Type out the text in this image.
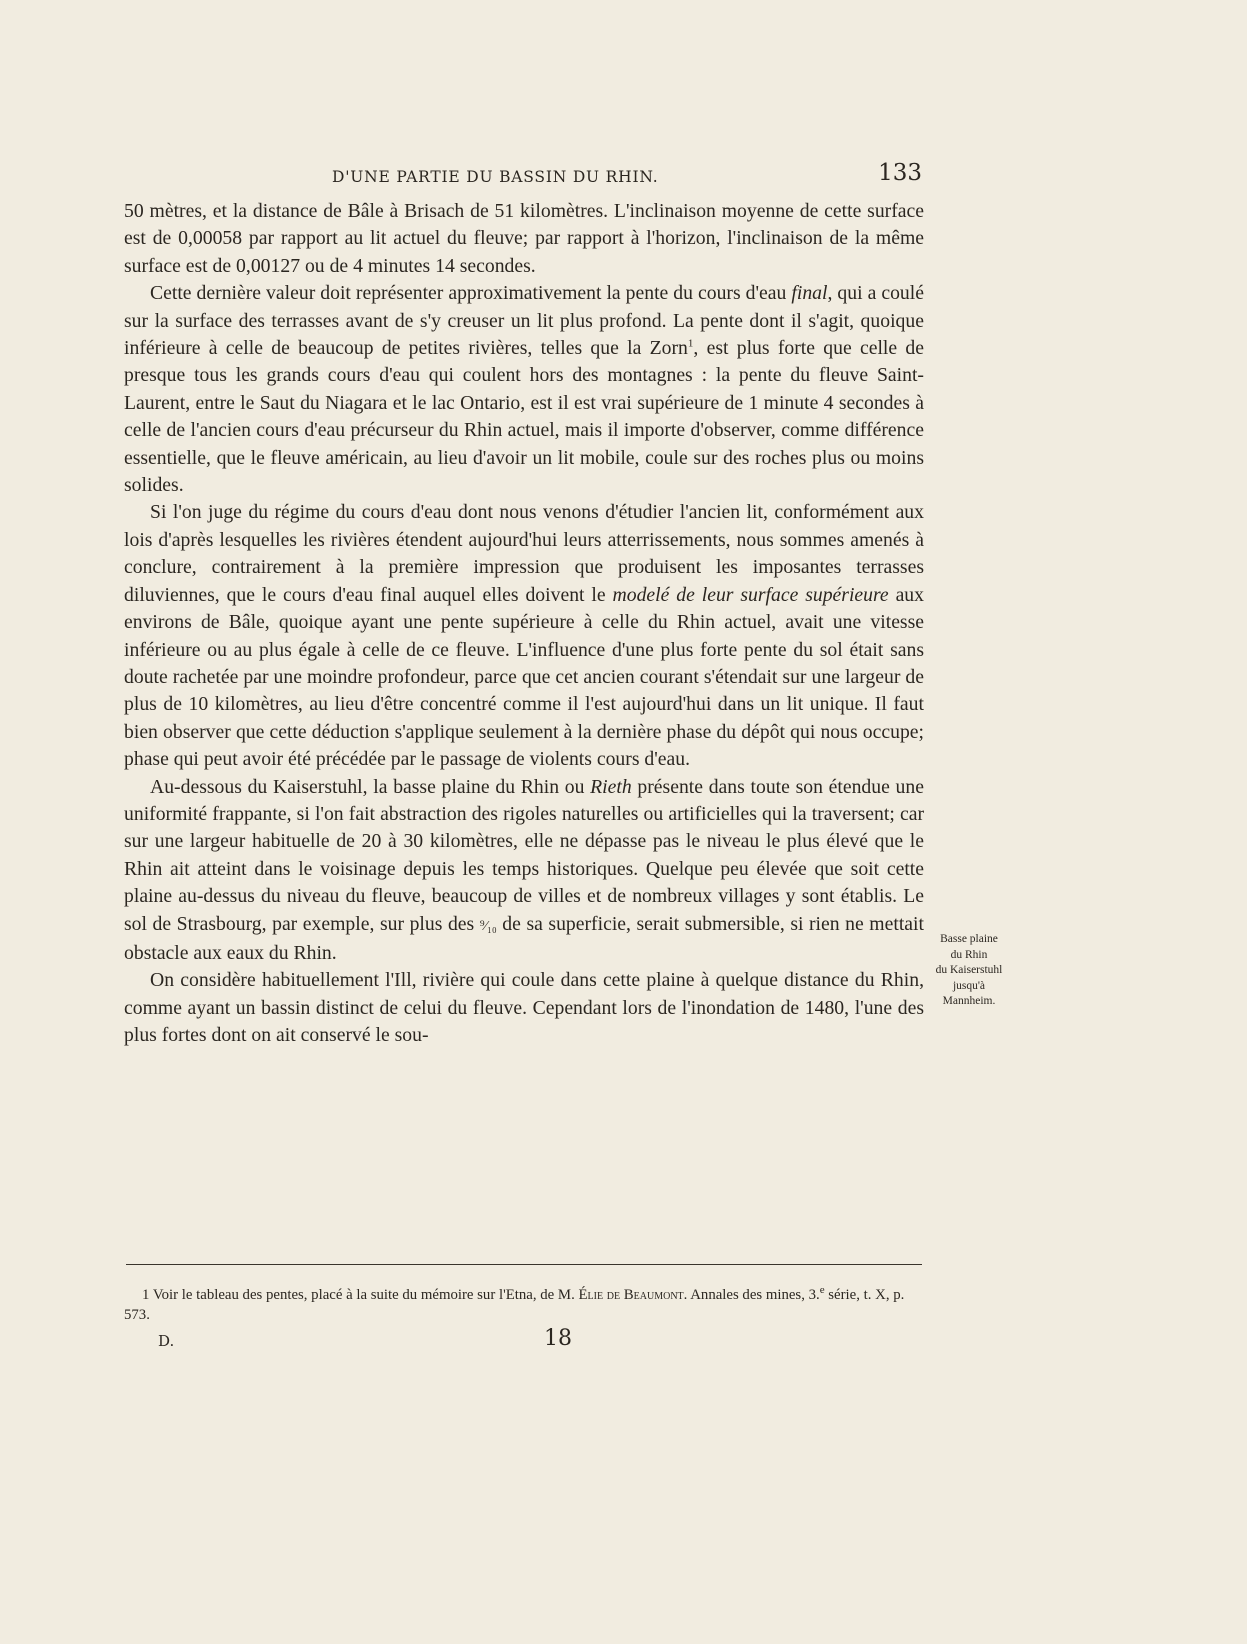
D'UNE PARTIE DU BASSIN DU RHIN.	133

50 mètres, et la distance de Bâle à Brisach de 51 kilomètres. L'inclinaison moyenne de cette surface est de 0,00058 par rapport au lit actuel du fleuve; par rapport à l'horizon, l'inclinaison de la même surface est de 0,00127 ou de 4 minutes 14 secondes.

Cette dernière valeur doit représenter approximativement la pente du cours d'eau final, qui a coulé sur la surface des terrasses avant de s'y creuser un lit plus profond. La pente dont il s'agit, quoique inférieure à celle de beaucoup de petites rivières, telles que la Zorn$^1$, est plus forte que celle de presque tous les grands cours d'eau qui coulent hors des montagnes : la pente du fleuve Saint-Laurent, entre le Saut du Niagara et le lac Ontario, est il est vrai supérieure de 1 minute 4 secondes à celle de l'ancien cours d'eau précurseur du Rhin actuel, mais il importe d'observer, comme différence essentielle, que le fleuve américain, au lieu d'avoir un lit mobile, coule sur des roches plus ou moins solides.

Si l'on juge du régime du cours d'eau dont nous venons d'étudier l'ancien lit, conformément aux lois d'après lesquelles les rivières étendent aujourd'hui leurs atterrissements, nous sommes amenés à conclure, contrairement à la première impression que produisent les imposantes terrasses diluviennes, que le cours d'eau final auquel elles doivent le modelé de leur surface supérieure aux environs de Bâle, quoique ayant une pente supérieure à celle du Rhin actuel, avait une vitesse inférieure ou au plus égale à celle de ce fleuve. L'influence d'une plus forte pente du sol était sans doute rachetée par une moindre profondeur, parce que cet ancien courant s'étendait sur une largeur de plus de 10 kilomètres, au lieu d'être concentré comme il l'est aujourd'hui dans un lit unique. Il faut bien observer que cette déduction s'applique seulement à la dernière phase du dépôt qui nous occupe; phase qui peut avoir été précédée par le passage de violents cours d'eau.

Au-dessous du Kaiserstuhl, la basse plaine du Rhin ou Rieth présente dans toute son étendue une uniformité frappante, si l'on fait abstraction des rigoles naturelles ou artificielles qui la traversent; car sur une largeur habituelle de 20 à 30 kilomètres, elle ne dépasse pas le niveau le plus élevé que le Rhin ait atteint dans le voisinage depuis les temps historiques. Quelque peu élevée que soit cette plaine au-dessus du niveau du fleuve, beaucoup de villes et de nombreux villages y sont établis. Le sol de Strasbourg, par exemple, sur plus des ⁹⁄₁₀ de sa superficie, serait submersible, si rien ne mettait obstacle aux eaux du Rhin.

On considère habituellement l'Ill, rivière qui coule dans cette plaine à quelque distance du Rhin, comme ayant un bassin distinct de celui du fleuve. Cependant lors de l'inondation de 1480, l'une des plus fortes dont on ait conservé le sou-

Basse plaine
du Rhin
du Kaiserstuhl
jusqu'à
Mannheim.

1 Voir le tableau des pentes, placé à la suite du mémoire sur l'Etna, de M. Élie de Beaumont. Annales des mines, 3.$^e$ série, t. X, p. 573.

D.	18
